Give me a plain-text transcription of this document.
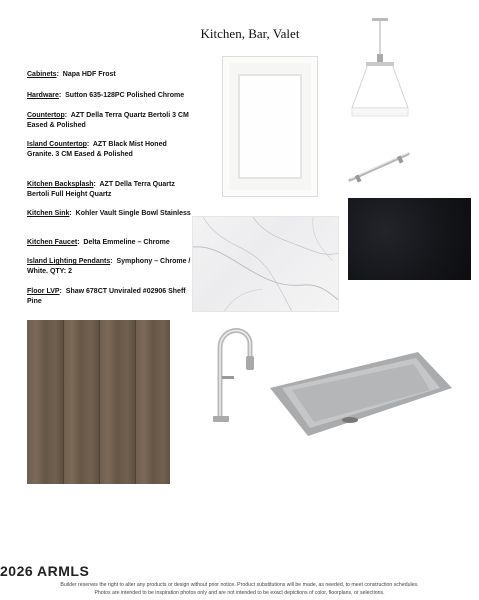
Kitchen, Bar, Valet
Cabinets:  Napa HDF Frost
Hardware:  Sutton 635-128PC Polished Chrome
Countertop:  AZT Della Terra Quartz Bertoli 3 CM Eased & Polished
Island Countertop:  AZT Black Mist Honed Granite. 3 CM Eased & Polished
Kitchen Backsplash:  AZT Della Terra Quartz Bertoli Full Height Quartz
Kitchen Sink:  Kohler Vault Single Bowl Stainless
Kitchen Faucet:  Delta Emmeline – Chrome
Island Lighting Pendants:  Symphony – Chrome / White. QTY: 2
Floor LVP:  Shaw 678CT Unviraled #02906 Sheff Pine
2026 ARMLS
Builder reserves the right to alter any products or design without prior notice. Product substitutions will be made, as needed, to meet construction schedules.
Photos are intended to be inspiration photos only and are not intended to be exact depictions of color, floorplans, or selections.
